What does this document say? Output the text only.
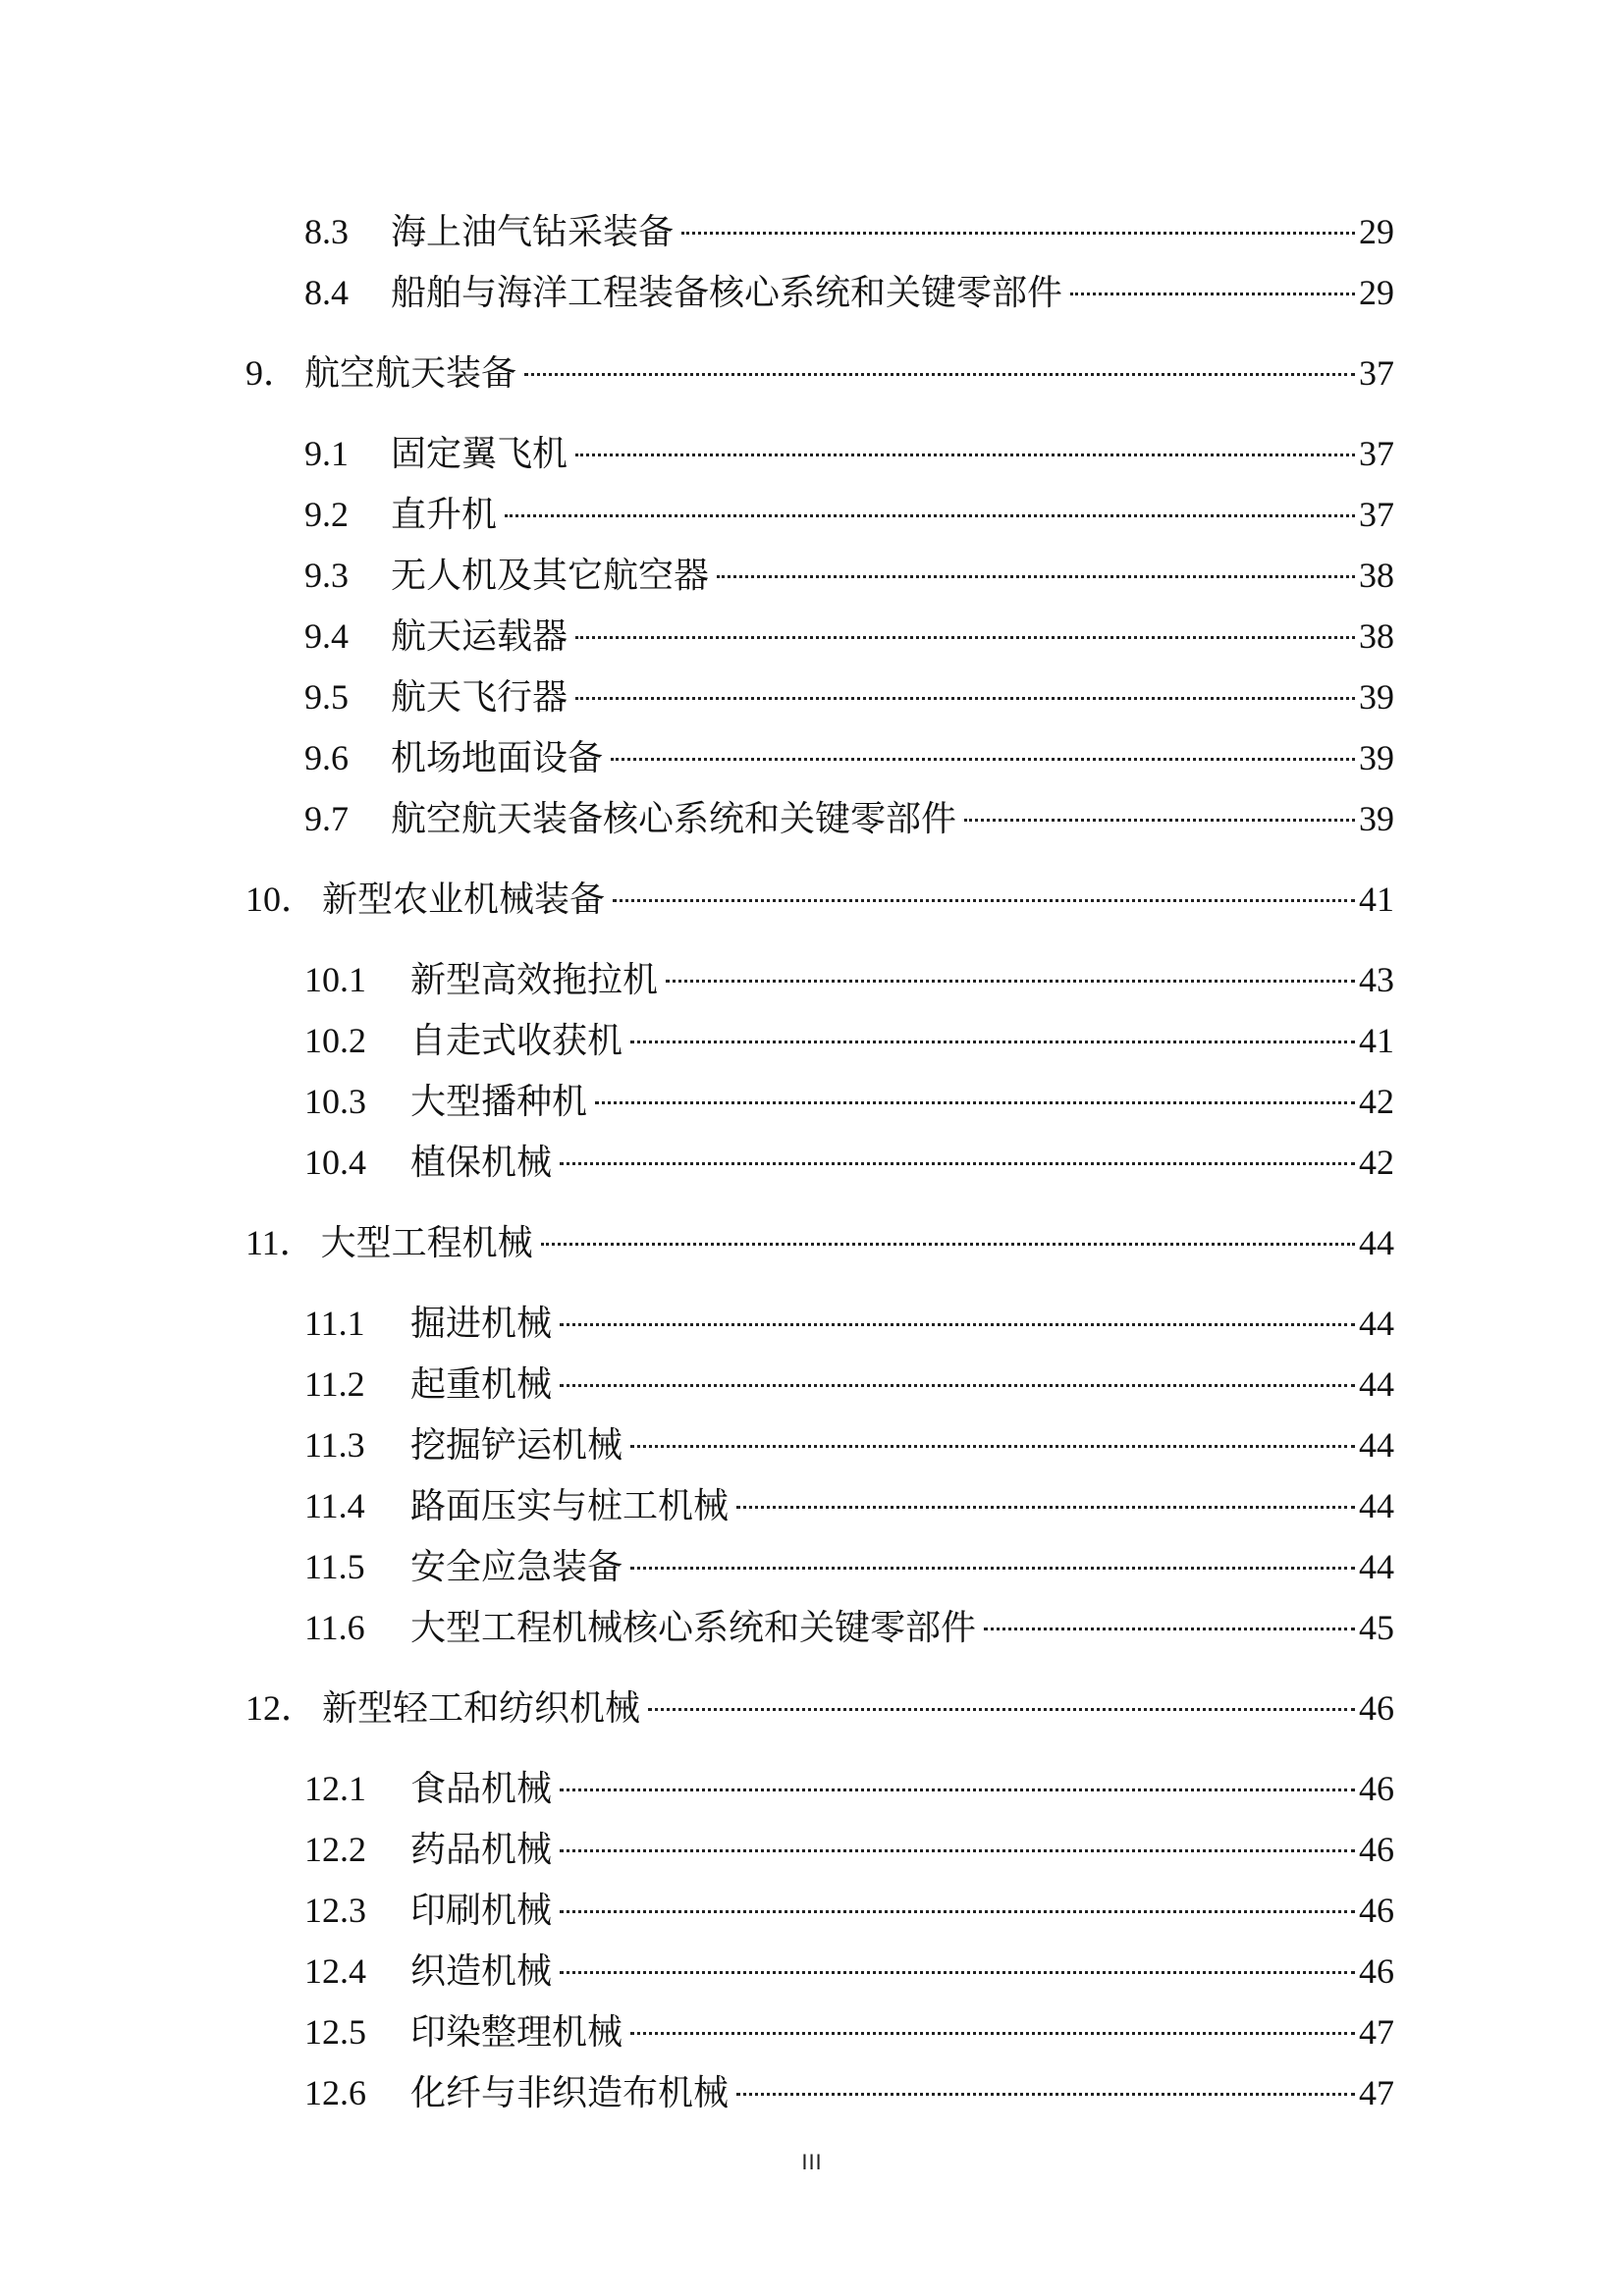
8.3	海上油气钻采装备	29
8.4	船舶与海洋工程装备核心系统和关键零部件	29
9． 航空航天装备	37
9.1	固定翼飞机	37
9.2	直升机	37
9.3	无人机及其它航空器	38
9.4	航天运载器	38
9.5	航天飞行器	39
9.6	机场地面设备	39
9.7	航空航天装备核心系统和关键零部件	39
10． 新型农业机械装备	41
10.1	新型高效拖拉机	43
10.2	自走式收获机	41
10.3	大型播种机	42
10.4	植保机械	42
11． 大型工程机械	44
11.1	掘进机械	44
11.2	起重机械	44
11.3	挖掘铲运机械	44
11.4	路面压实与桩工机械	44
11.5	安全应急装备	44
11.6	大型工程机械核心系统和关键零部件	45
12． 新型轻工和纺织机械	46
12.1	食品机械	46
12.2	药品机械	46
12.3	印刷机械	46
12.4	织造机械	46
12.5	印染整理机械	47
12.6	化纤与非织造布机械	47
III
